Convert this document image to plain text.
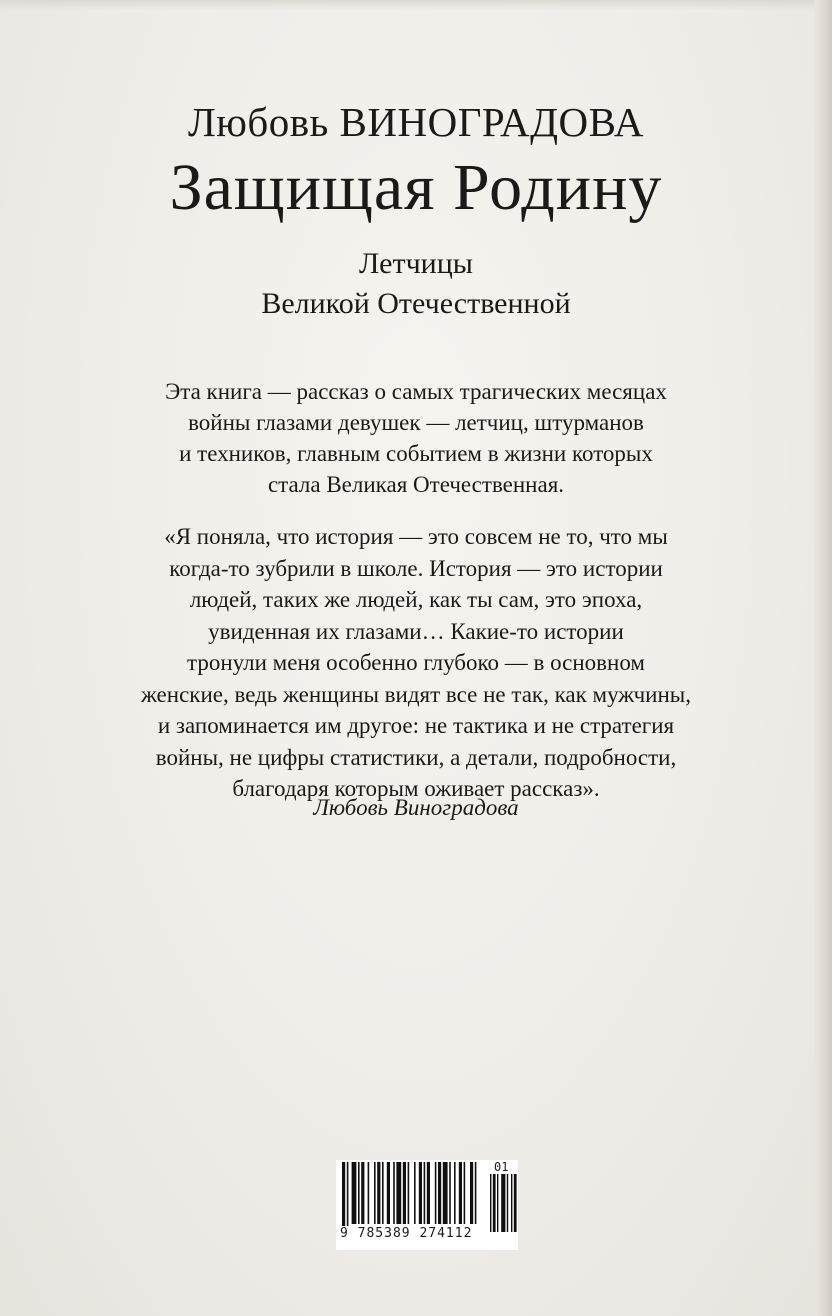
Любовь ВИНОГРАДОВА
Защищая Родину
Летчицы
Великой Отечественной
Эта книга — рассказ о самых трагических месяцах
войны глазами девушек — летчиц, штурманов
и техников, главным событием в жизни которых
стала Великая Отечественная.
«Я поняла, что история — это совсем не то, что мы
когда-то зубрили в школе. История — это истории
людей, таких же людей, как ты сам, это эпоха,
увиденная их глазами… Какие-то истории
тронули меня особенно глубоко — в основном
женские, ведь женщины видят все не так, как мужчины,
и запоминается им другое: не тактика и не стратегия
войны, не цифры статистики, а детали, подробности,
благодаря которым оживает рассказ».
Любовь Виноградова
9 785389 274112
01
